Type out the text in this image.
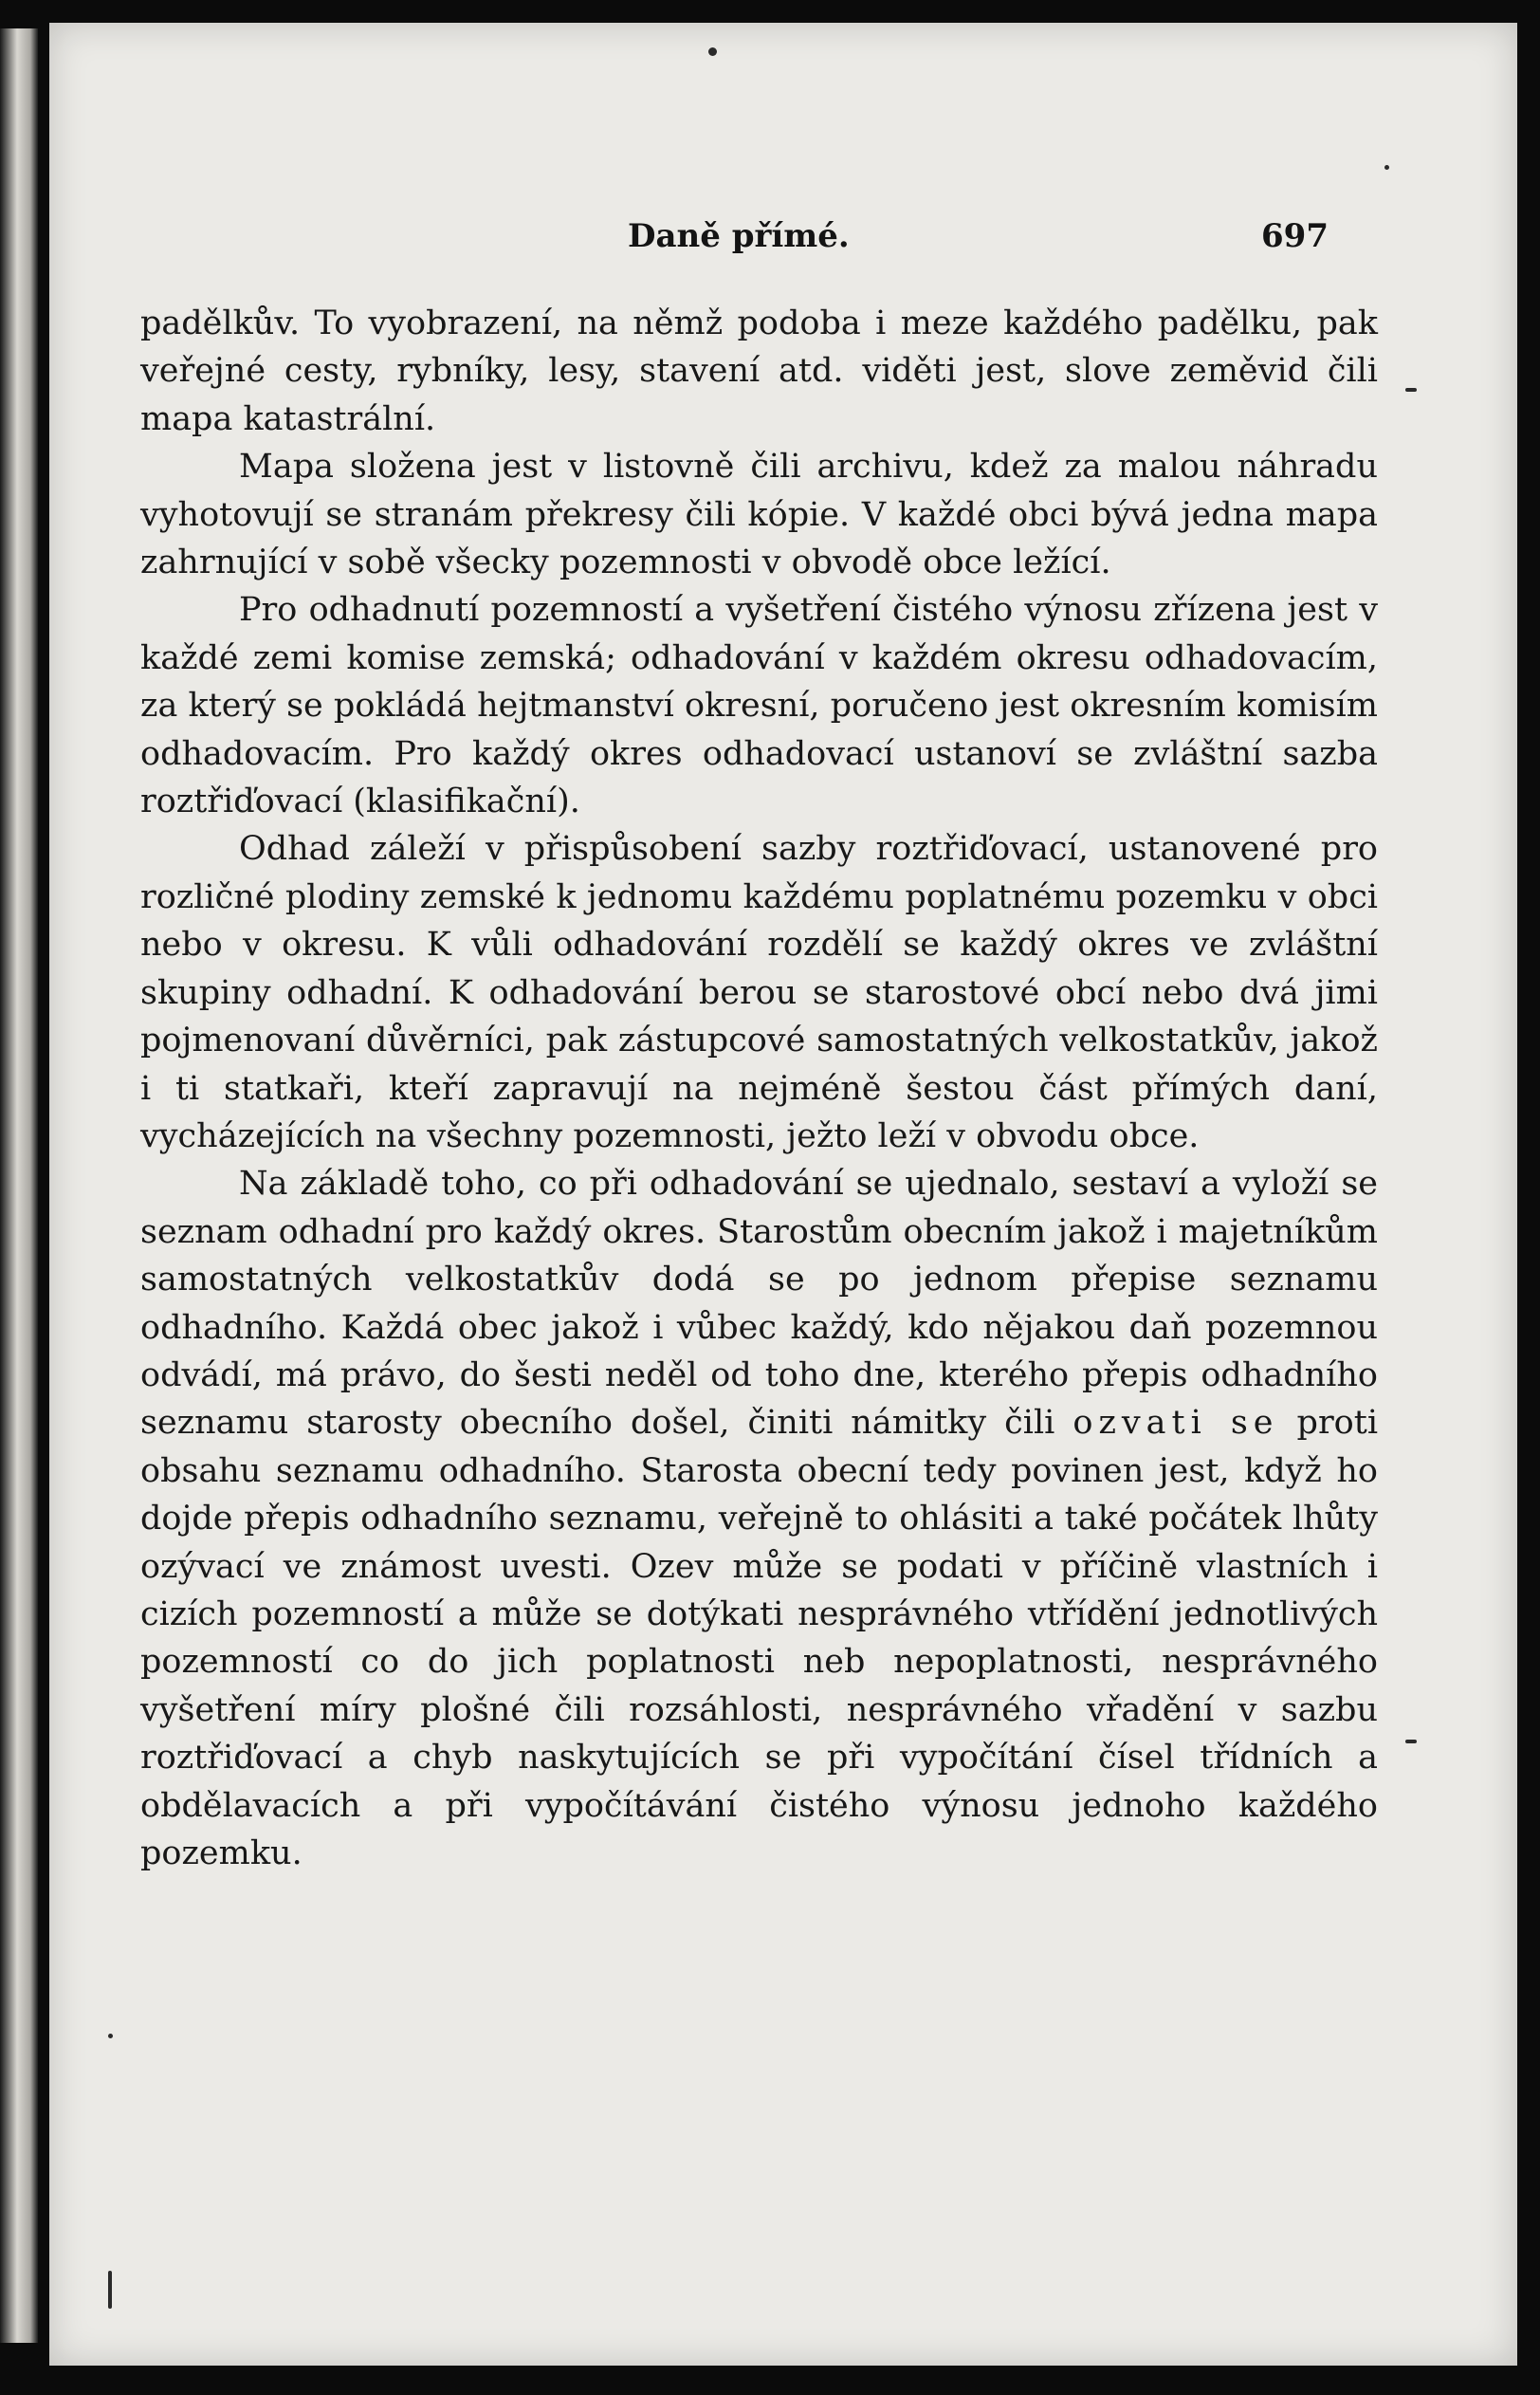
Daně přímé.	697

padělkův. To vyobrazení, na němž podoba i meze každého padělku, pak veřejné cesty, rybníky, lesy, stavení atd. viděti jest, slove zeměvid čili mapa katastrální.

Mapa složena jest v listovně čili archivu, kdež za malou náhradu vyhotovují se stranám překresy čili kópie. V každé obci bývá jedna mapa zahrnující v sobě všecky pozemnosti v obvodě obce ležící.

Pro odhadnutí pozemností a vyšetření čistého výnosu zřízena jest v každé zemi komise zemská; odhadování v každém okresu odhadovacím, za který se pokládá hejtmanství okresní, poručeno jest okresním komisím odhadovacím. Pro každý okres odhadovací ustanoví se zvláštní sazba roztřiďovací (klasifikační).

Odhad záleží v přispůsobení sazby roztřiďovací, ustanovené pro rozličné plodiny zemské k jednomu každému poplatnému pozemku v obci nebo v okresu. K vůli odhadování rozdělí se každý okres ve zvláštní skupiny odhadní. K odhadování berou se starostové obcí nebo dvá jimi pojmenovaní důvěrníci, pak zástupcové samostatných velkostatkův, jakož i ti statkaři, kteří zapravují na nejméně šestou část přímých daní, vycházejících na všechny pozemnosti, ježto leží v obvodu obce.

Na základě toho, co při odhadování se ujednalo, sestaví a vyloží se seznam odhadní pro každý okres. Starostům obecním jakož i majetníkům samostatných velkostatkův dodá se po jednom přepise seznamu odhadního. Každá obec jakož i vůbec každý, kdo nějakou daň pozemnou odvádí, má právo, do šesti neděl od toho dne, kterého přepis odhadního seznamu starosty obecního došel, činiti námitky čili ozvati se proti obsahu seznamu odhadního. Starosta obecní tedy povinen jest, když ho dojde přepis odhadního seznamu, veřejně to ohlásiti a také počátek lhůty ozývací ve známost uvesti. Ozev může se podati v příčině vlastních i cizích pozemností a může se dotýkati nesprávného vtřídění jednotlivých pozemností co do jich poplatnosti neb nepoplatnosti, nesprávného vyšetření míry plošné čili rozsáhlosti, nesprávného vřadění v sazbu roztřiďovací a chyb naskytujících se při vypočítání čísel třídních a obdělavacích a při vypočítávání čistého výnosu jednoho každého pozemku.
